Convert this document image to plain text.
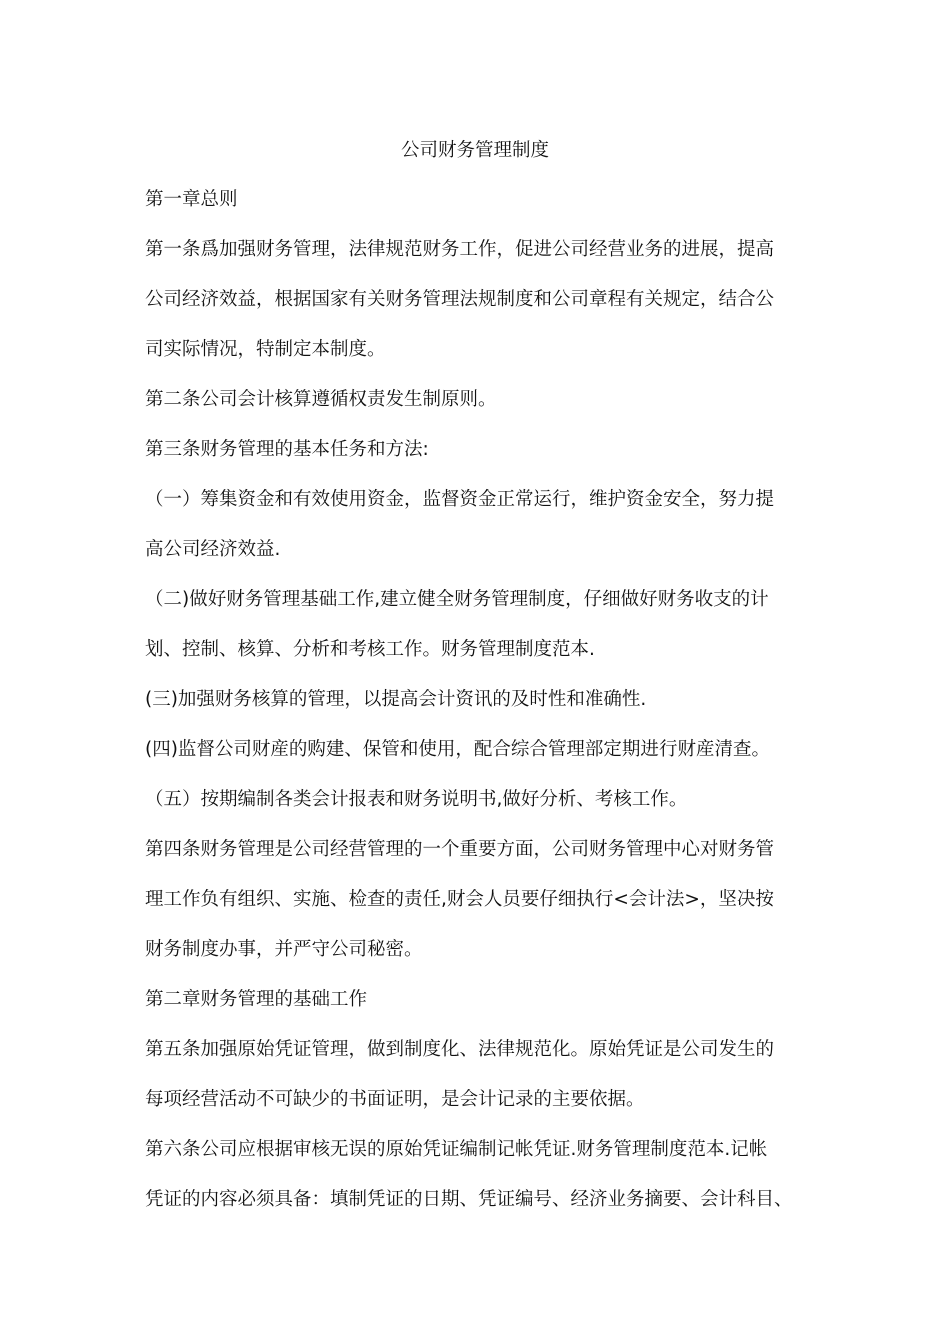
公司财务管理制度
第一章总则
第一条爲加强财务管理，法律规范财务工作，促进公司经营业务的进展，提高
公司经济效益，根据国家有关财务管理法规制度和公司章程有关规定，结合公
司实际情况，特制定本制度。
第二条公司会计核算遵循权责发生制原则。
第三条财务管理的基本任务和方法:
（一）筹集资金和有效使用资金，监督资金正常运行，维护资金安全，努力提
高公司经济效益.
（二)做好财务管理基础工作,建立健全财务管理制度，仔细做好财务收支的计
划、控制、核算、分析和考核工作。财务管理制度范本.
(三)加强财务核算的管理，以提高会计资讯的及时性和准确性.
(四)监督公司财産的购建、保管和使用，配合综合管理部定期进行财産清查。
（五）按期编制各类会计报表和财务说明书,做好分析、考核工作。
第四条财务管理是公司经营管理的一个重要方面，公司财务管理中心对财务管
理工作负有组织、实施、检查的责任,财会人员要仔细执行<会计法>，坚决按
财务制度办事，并严守公司秘密。
第二章财务管理的基础工作
第五条加强原始凭证管理，做到制度化、法律规范化。原始凭证是公司发生的
每项经营活动不可缺少的书面证明，是会计记录的主要依据。
第六条公司应根据审核无误的原始凭证编制记帐凭证.财务管理制度范本.记帐
凭证的内容必须具备：填制凭证的日期、凭证编号、经济业务摘要、会计科目、
